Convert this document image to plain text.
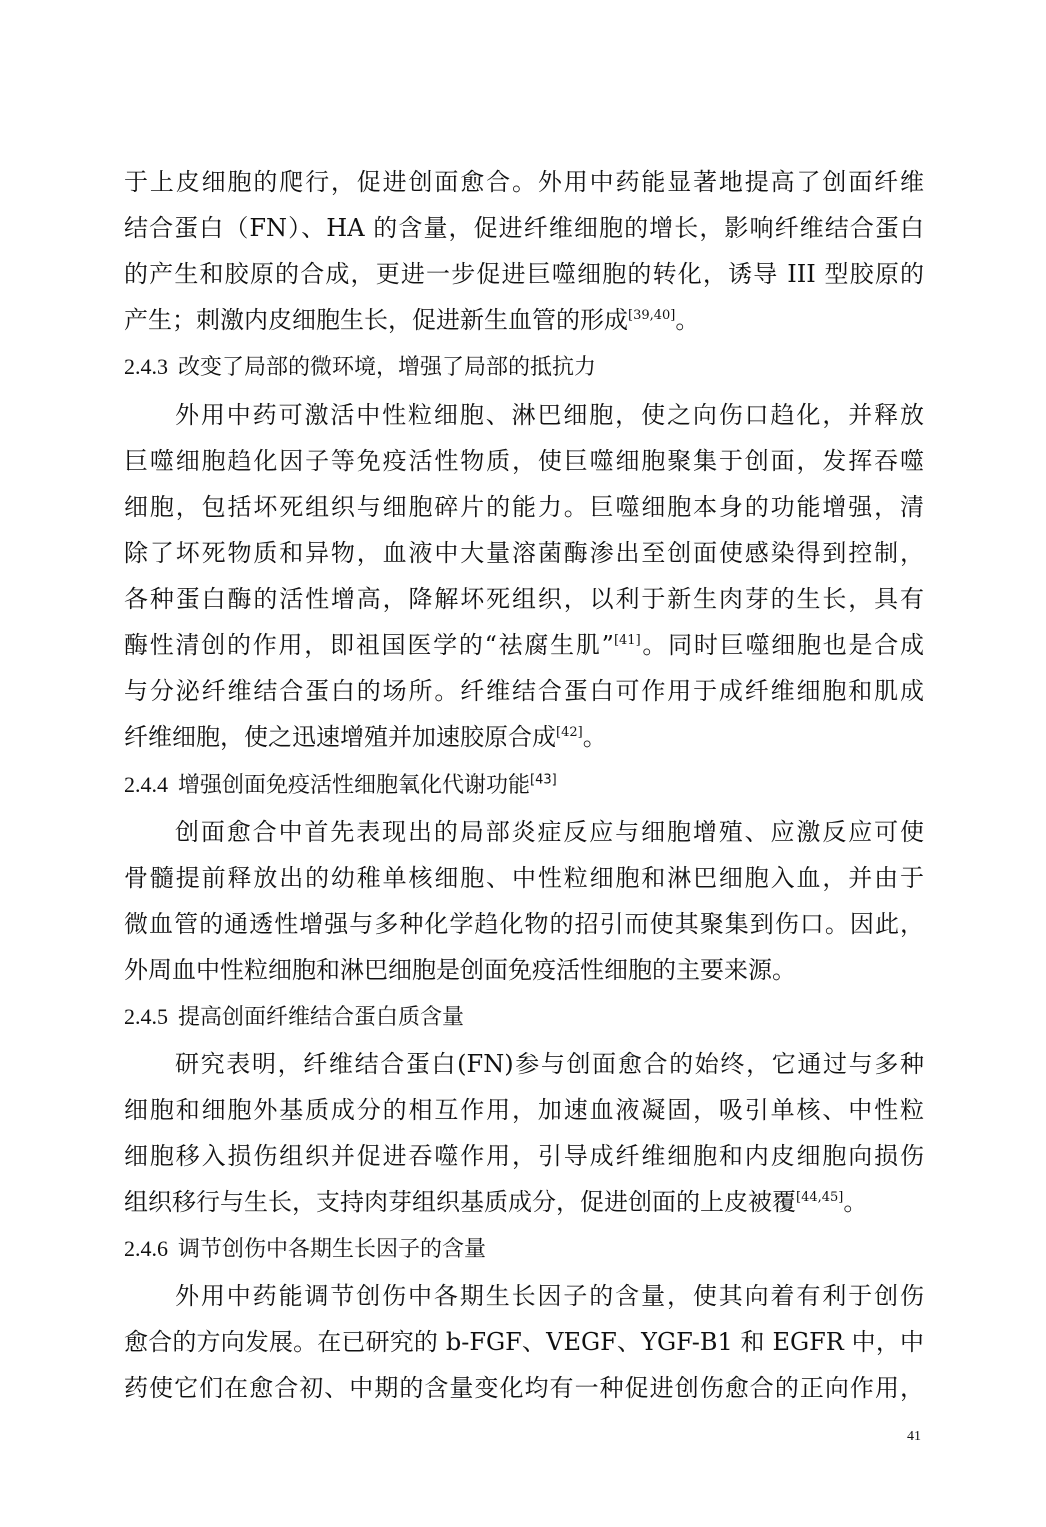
于上皮细胞的爬行，促进创面愈合。外用中药能显著地提高了创面纤维
结合蛋白（FN）、HA 的含量，促进纤维细胞的增长，影响纤维结合蛋白
的产生和胶原的合成，更进一步促进巨噬细胞的转化，诱导 III 型胶原的
产生；刺激内皮细胞生长，促进新生血管的形成[39,40]。
2.4.3 改变了局部的微环境，增强了局部的抵抗力
外用中药可激活中性粒细胞、淋巴细胞，使之向伤口趋化，并释放
巨噬细胞趋化因子等免疫活性物质，使巨噬细胞聚集于创面，发挥吞噬
细胞，包括坏死组织与细胞碎片的能力。巨噬细胞本身的功能增强，清
除了坏死物质和异物，血液中大量溶菌酶渗出至创面使感染得到控制，
各种蛋白酶的活性增高，降解坏死组织，以利于新生肉芽的生长，具有
酶性清创的作用，即祖国医学的“祛腐生肌”[41]。同时巨噬细胞也是合成
与分泌纤维结合蛋白的场所。纤维结合蛋白可作用于成纤维细胞和肌成
纤维细胞，使之迅速增殖并加速胶原合成[42]。
2.4.4 增强创面免疫活性细胞氧化代谢功能[43]
创面愈合中首先表现出的局部炎症反应与细胞增殖、应激反应可使
骨髓提前释放出的幼稚单核细胞、中性粒细胞和淋巴细胞入血，并由于
微血管的通透性增强与多种化学趋化物的招引而使其聚集到伤口。因此，
外周血中性粒细胞和淋巴细胞是创面免疫活性细胞的主要来源。
2.4.5 提高创面纤维结合蛋白质含量
研究表明，纤维结合蛋白(FN)参与创面愈合的始终，它通过与多种
细胞和细胞外基质成分的相互作用，加速血液凝固，吸引单核、中性粒
细胞移入损伤组织并促进吞噬作用，引导成纤维细胞和内皮细胞向损伤
组织移行与生长，支持肉芽组织基质成分，促进创面的上皮被覆[44,45]。
2.4.6 调节创伤中各期生长因子的含量
外用中药能调节创伤中各期生长因子的含量，使其向着有利于创伤
愈合的方向发展。在已研究的 b-FGF、VEGF、YGF-B1 和 EGFR 中，中
药使它们在愈合初、中期的含量变化均有一种促进创伤愈合的正向作用，
41
